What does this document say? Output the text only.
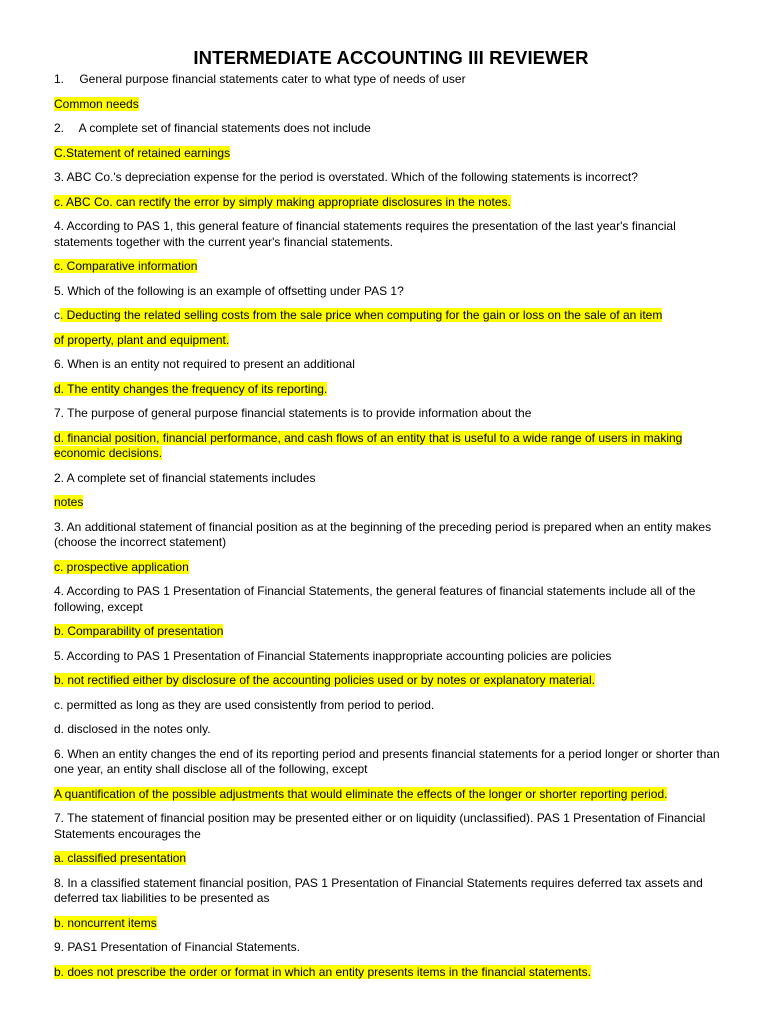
INTERMEDIATE ACCOUNTING III REVIEWER

1. General purpose financial statements cater to what type of needs of user

Common needs

2. A complete set of financial statements does not include

C.Statement of retained earnings

3. ABC Co.'s depreciation expense for the period is overstated. Which of the following statements is incorrect?

c. ABC Co. can rectify the error by simply making appropriate disclosures in the notes.

4. According to PAS 1, this general feature of financial statements requires the presentation of the last year's financial statements together with the current year's financial statements.

c. Comparative information

5. Which of the following is an example of offsetting under PAS 1?

c. Deducting the related selling costs from the sale price when computing for the gain or loss on the sale of an item

of property, plant and equipment.

6. When is an entity not required to present an additional

d. The entity changes the frequency of its reporting.

7. The purpose of general purpose financial statements is to provide information about the

d. financial position, financial performance, and cash flows of an entity that is useful to a wide range of users in making economic decisions.

2. A complete set of financial statements includes

notes

3. An additional statement of financial position as at the beginning of the preceding period is prepared when an entity makes (choose the incorrect statement)

c. prospective application

4. According to PAS 1 Presentation of Financial Statements, the general features of financial statements include all of the following, except

b. Comparability of presentation

5. According to PAS 1 Presentation of Financial Statements inappropriate accounting policies are policies

b. not rectified either by disclosure of the accounting policies used or by notes or explanatory material.

c. permitted as long as they are used consistently from period to period.

d. disclosed in the notes only.

6. When an entity changes the end of its reporting period and presents financial statements for a period longer or shorter than one year, an entity shall disclose all of the following, except

A quantification of the possible adjustments that would eliminate the effects of the longer or shorter reporting period.

7. The statement of financial position may be presented either or on liquidity (unclassified). PAS 1 Presentation of Financial Statements encourages the

a. classified presentation

8. In a classified statement financial position, PAS 1 Presentation of Financial Statements requires deferred tax assets and deferred tax liabilities to be presented as

b. noncurrent items

9. PAS1 Presentation of Financial Statements.

b. does not prescribe the order or format in which an entity presents items in the financial statements.
